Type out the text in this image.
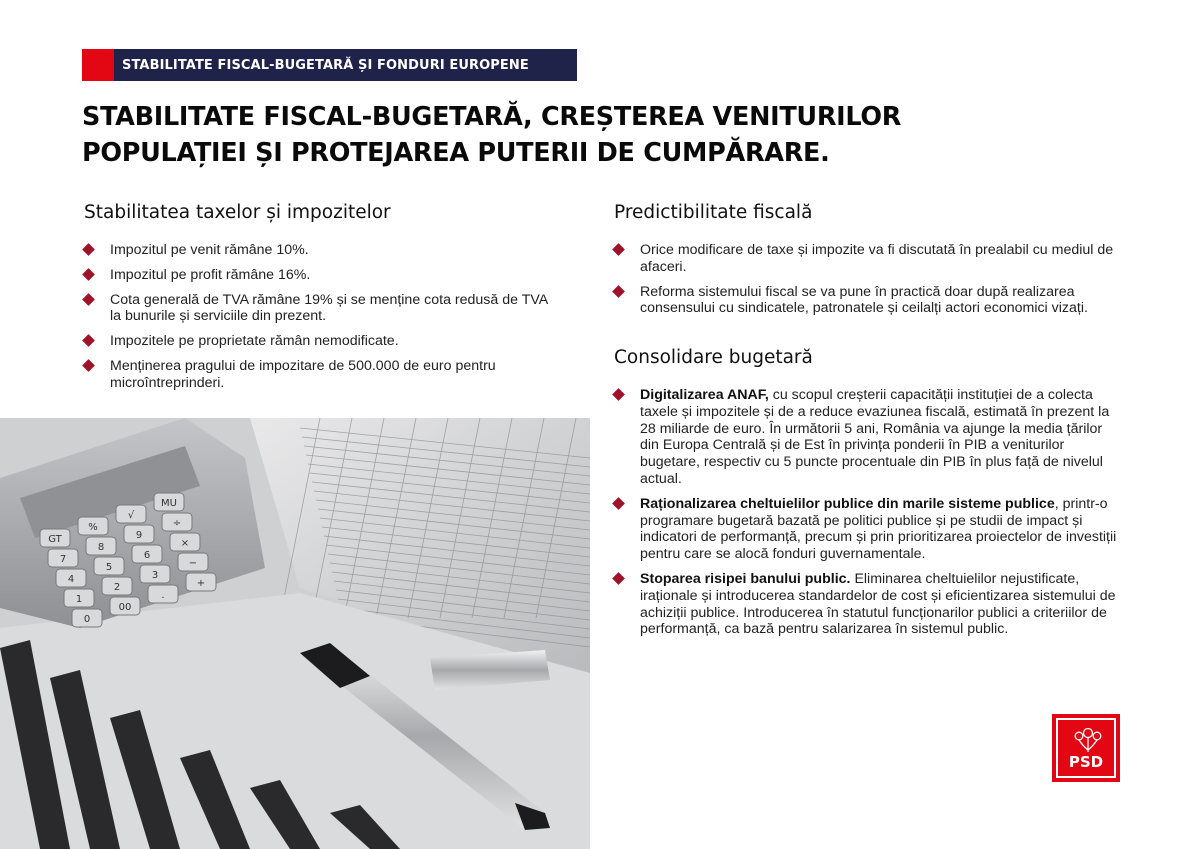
STABILITATE FISCAL-BUGETARĂ ȘI FONDURI EUROPENE
STABILITATE FISCAL-BUGETARĂ, CREȘTEREA VENITURILOR
POPULAȚIEI ȘI PROTEJAREA PUTERII DE CUMPĂRARE.
Stabilitatea taxelor și impozitelor
Impozitul pe venit rămâne 10%.
Impozitul pe profit rămâne 16%.
Cota generală de TVA rămâne 19% și se menține cota redusă de TVA la bunurile și serviciile din prezent.
Impozitele pe proprietate rămân nemodificate.
Menținerea pragului de impozitare de 500.000 de euro pentru microîntreprinderi.
Predictibilitate fiscală
Orice modificare de taxe și impozite va fi discutată în prealabil cu mediul de afaceri.
Reforma sistemului fiscal se va pune în practică doar după realizarea consensului cu sindicatele, patronatele și ceilalți actori economici vizați.
Consolidare bugetară
Digitalizarea ANAF, cu scopul creșterii capacității instituției de a colecta taxele și impozitele și de a reduce evaziunea fiscală, estimată în prezent la 28 miliarde de euro. În următorii 5 ani, România va ajunge la media țărilor din Europa Centrală și de Est în privința ponderii în PIB a veniturilor bugetare, respectiv cu 5 puncte procentuale din PIB în plus față de nivelul actual.
Raționalizarea cheltuielilor publice din marile sisteme publice, printr-o programare bugetară bazată pe politici publice și pe studii de impact și indicatori de performanță, precum și prin prioritizarea proiectelor de investiții pentru care se alocă fonduri guvernamentale.
Stoparea risipei banului public. Eliminarea cheltuielilor nejustificate, iraționale și introducerea standardelor de cost și eficientizarea sistemului de achiziții publice. Introducerea în statutul funcționarilor publici a criteriilor de performanță, ca bază pentru salarizarea în sistemul public.
GT
%
√
MU
7
8
9
÷
4
5
6
×
1
2
3
−
0
00
.
+
PSD
